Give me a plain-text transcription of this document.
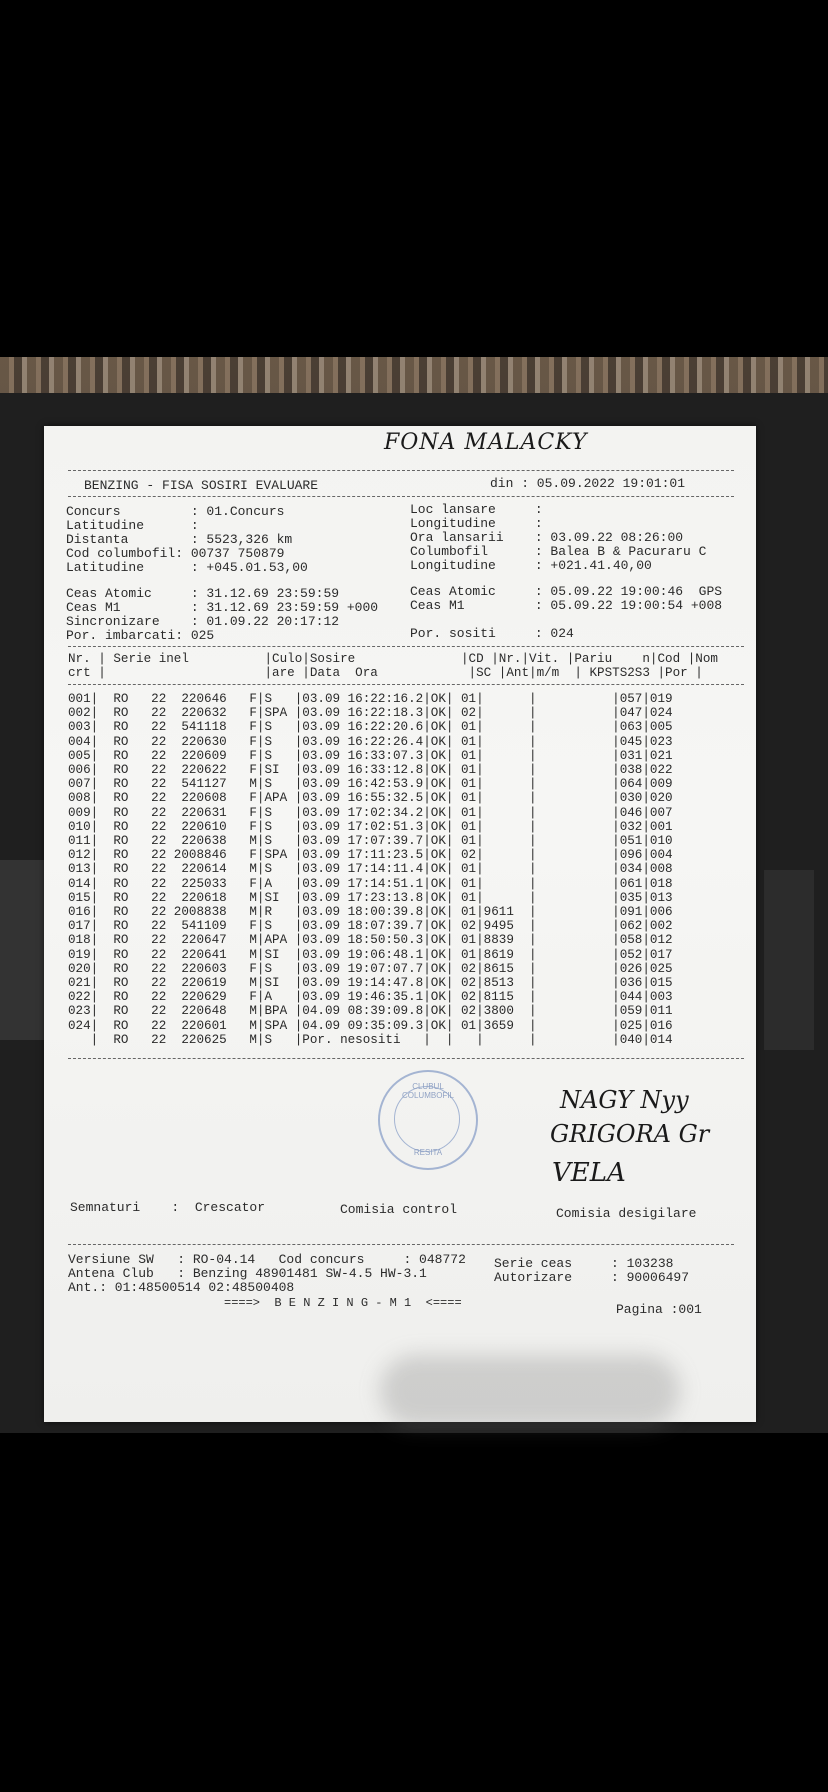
FONA MALACKY
BENZING - FISA SOSIRI EVALUARE	din : 05.09.2022 19:01:01
Concurs         : 01.Concurs
Latitudine      :
Distanta        : 5523,326 km
Cod columbofil: 00737 750879
Latitudine      : +045.01.53,00
Loc lansare     :
Longitudine     :
Ora lansarii    : 03.09.22 08:26:00
Columbofil      : Balea B & Pacuraru C
Longitudine     : +021.41.40,00
Ceas Atomic     : 31.12.69 23:59:59
Ceas M1         : 31.12.69 23:59:59 +000
Sincronizare    : 01.09.22 20:17:12
Por. imbarcati: 025
Ceas Atomic     : 05.09.22 19:00:46  GPS
Ceas M1         : 05.09.22 19:00:54 +008
Por. sositi     : 024
Nr. | Serie inel          |Culo|Sosire              |CD |Nr.|Vit. |Pariu    n|Cod |Nom
crt |                     |are |Data  Ora            |SC |Ant|m/m  | KPSTS2S3 |Por |
001|  RO   22  220646   F|S   |03.09 16:22:16.2|OK| 01|      |          |057|019
002|  RO   22  220632   F|SPA |03.09 16:22:18.3|OK| 02|      |          |047|024
003|  RO   22  541118   F|S   |03.09 16:22:20.6|OK| 01|      |          |063|005
004|  RO   22  220630   F|S   |03.09 16:22:26.4|OK| 01|      |          |045|023
005|  RO   22  220609   F|S   |03.09 16:33:07.3|OK| 01|      |          |031|021
006|  RO   22  220622   F|SI  |03.09 16:33:12.8|OK| 01|      |          |038|022
007|  RO   22  541127   M|S   |03.09 16:42:53.9|OK| 01|      |          |064|009
008|  RO   22  220608   F|APA |03.09 16:55:32.5|OK| 01|      |          |030|020
009|  RO   22  220631   F|S   |03.09 17:02:34.2|OK| 01|      |          |046|007
010|  RO   22  220610   F|S   |03.09 17:02:51.3|OK| 01|      |          |032|001
011|  RO   22  220638   M|S   |03.09 17:07:39.7|OK| 01|      |          |051|010
012|  RO   22 2008846   F|SPA |03.09 17:11:23.5|OK| 02|      |          |096|004
013|  RO   22  220614   M|S   |03.09 17:14:11.4|OK| 01|      |          |034|008
014|  RO   22  225033   F|A   |03.09 17:14:51.1|OK| 01|      |          |061|018
015|  RO   22  220618   M|SI  |03.09 17:23:13.8|OK| 01|      |          |035|013
016|  RO   22 2008838   M|R   |03.09 18:00:39.8|OK| 01|9611  |          |091|006
017|  RO   22  541109   F|S   |03.09 18:07:39.7|OK| 02|9495  |          |062|002
018|  RO   22  220647   M|APA |03.09 18:50:50.3|OK| 01|8839  |          |058|012
019|  RO   22  220641   M|SI  |03.09 19:06:48.1|OK| 01|8619  |          |052|017
020|  RO   22  220603   F|S   |03.09 19:07:07.7|OK| 02|8615  |          |026|025
021|  RO   22  220619   M|SI  |03.09 19:14:47.8|OK| 02|8513  |          |036|015
022|  RO   22  220629   F|A   |03.09 19:46:35.1|OK| 02|8115  |          |044|003
023|  RO   22  220648   M|BPA |04.09 08:39:09.8|OK| 02|3800  |          |059|011
024|  RO   22  220601   M|SPA |04.09 09:35:09.3|OK| 01|3659  |          |025|016
|  RO   22  220625   M|S   |Por. nesositi   |  |   |      |          |040|014
CLUBUL COLUMBOFIL
RESITA
NAGY Nyy
GRIGORA Gr
VELA
Semnaturi    :  Crescator	Comisia control	Comisia desigilare
Versiune SW   : RO-04.14   Cod concurs     : 048772
Antena Club   : Benzing 48901481 SW-4.5 HW-3.1
Ant.: 01:48500514 02:48500408
Serie ceas     : 103238
Autorizare     : 90006497
====>  B E N Z I N G - M 1  <====	Pagina :001
